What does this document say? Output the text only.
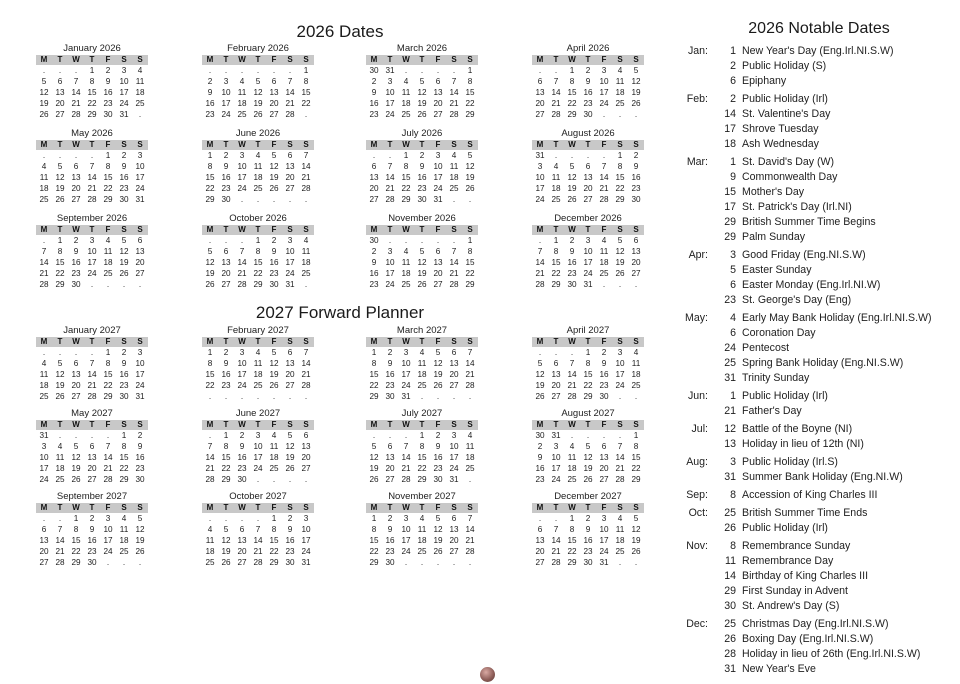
2026 Dates
January 2026
M	T	W	T	F	S	S
.	.	.	1	2	3	4
5	6	7	8	9	10	11
12	13	14	15	16	17	18
19	20	21	22	23	24	25
26	27	28	29	30	31	.
February 2026
M	T	W	T	F	S	S
.	.	.	.	.	.	1
2	3	4	5	6	7	8
9	10	11	12	13	14	15
16	17	18	19	20	21	22
23	24	25	26	27	28	.
March 2026
M	T	W	T	F	S	S
30	31	.	.	.	.	1
2	3	4	5	6	7	8
9	10	11	12	13	14	15
16	17	18	19	20	21	22
23	24	25	26	27	28	29
April 2026
M	T	W	T	F	S	S
.	.	1	2	3	4	5
6	7	8	9	10	11	12
13	14	15	16	17	18	19
20	21	22	23	24	25	26
27	28	29	30	.	.	.
May 2026
M	T	W	T	F	S	S
.	.	.	.	1	2	3
4	5	6	7	8	9	10
11	12	13	14	15	16	17
18	19	20	21	22	23	24
25	26	27	28	29	30	31
June 2026
M	T	W	T	F	S	S
1	2	3	4	5	6	7
8	9	10	11	12	13	14
15	16	17	18	19	20	21
22	23	24	25	26	27	28
29	30	.	.	.	.	.
July 2026
M	T	W	T	F	S	S
.	.	1	2	3	4	5
6	7	8	9	10	11	12
13	14	15	16	17	18	19
20	21	22	23	24	25	26
27	28	29	30	31	.	.
August 2026
M	T	W	T	F	S	S
31	.	.	.	.	1	2
3	4	5	6	7	8	9
10	11	12	13	14	15	16
17	18	19	20	21	22	23
24	25	26	27	28	29	30
September 2026
M	T	W	T	F	S	S
.	1	2	3	4	5	6
7	8	9	10	11	12	13
14	15	16	17	18	19	20
21	22	23	24	25	26	27
28	29	30	.	.	.	.
October 2026
M	T	W	T	F	S	S
.	.	.	1	2	3	4
5	6	7	8	9	10	11
12	13	14	15	16	17	18
19	20	21	22	23	24	25
26	27	28	29	30	31	.
November 2026
M	T	W	T	F	S	S
30	.	.	.	.	.	1
2	3	4	5	6	7	8
9	10	11	12	13	14	15
16	17	18	19	20	21	22
23	24	25	26	27	28	29
December 2026
M	T	W	T	F	S	S
.	1	2	3	4	5	6
7	8	9	10	11	12	13
14	15	16	17	18	19	20
21	22	23	24	25	26	27
28	29	30	31	.	.	.
2027 Forward Planner
January 2027
M	T	W	T	F	S	S
.	.	.	.	1	2	3
4	5	6	7	8	9	10
11	12	13	14	15	16	17
18	19	20	21	22	23	24
25	26	27	28	29	30	31
February 2027
M	T	W	T	F	S	S
1	2	3	4	5	6	7
8	9	10	11	12	13	14
15	16	17	18	19	20	21
22	23	24	25	26	27	28
.	.	.	.	.	.	.
March 2027
M	T	W	T	F	S	S
1	2	3	4	5	6	7
8	9	10	11	12	13	14
15	16	17	18	19	20	21
22	23	24	25	26	27	28
29	30	31	.	.	.	.
April 2027
M	T	W	T	F	S	S
.	.	.	1	2	3	4
5	6	7	8	9	10	11
12	13	14	15	16	17	18
19	20	21	22	23	24	25
26	27	28	29	30	.	.
May 2027
M	T	W	T	F	S	S
31	.	.	.	.	1	2
3	4	5	6	7	8	9
10	11	12	13	14	15	16
17	18	19	20	21	22	23
24	25	26	27	28	29	30
June 2027
M	T	W	T	F	S	S
.	1	2	3	4	5	6
7	8	9	10	11	12	13
14	15	16	17	18	19	20
21	22	23	24	25	26	27
28	29	30	.	.	.	.
July 2027
M	T	W	T	F	S	S
.	.	.	1	2	3	4
5	6	7	8	9	10	11
12	13	14	15	16	17	18
19	20	21	22	23	24	25
26	27	28	29	30	31	.
August 2027
M	T	W	T	F	S	S
30	31	.	.	.	.	1
2	3	4	5	6	7	8
9	10	11	12	13	14	15
16	17	18	19	20	21	22
23	24	25	26	27	28	29
September 2027
M	T	W	T	F	S	S
.	.	1	2	3	4	5
6	7	8	9	10	11	12
13	14	15	16	17	18	19
20	21	22	23	24	25	26
27	28	29	30	.	.	.
October 2027
M	T	W	T	F	S	S
.	.	.	.	1	2	3
4	5	6	7	8	9	10
11	12	13	14	15	16	17
18	19	20	21	22	23	24
25	26	27	28	29	30	31
November 2027
M	T	W	T	F	S	S
1	2	3	4	5	6	7
8	9	10	11	12	13	14
15	16	17	18	19	20	21
22	23	24	25	26	27	28
29	30	.	.	.	.	.
December 2027
M	T	W	T	F	S	S
.	.	1	2	3	4	5
6	7	8	9	10	11	12
13	14	15	16	17	18	19
20	21	22	23	24	25	26
27	28	29	30	31	.	.
2026 Notable Dates
Jan:	1 New Year's Day (Eng.Irl.NI.S.W)
2 Public Holiday (S)
6 Epiphany
Feb:	2 Public Holiday (Irl)
14 St. Valentine's Day
17 Shrove Tuesday
18 Ash Wednesday
Mar:	1 St. David's Day (W)
9 Commonwealth Day
15 Mother's Day
17 St. Patrick's Day (Irl.NI)
29 British Summer Time Begins
29 Palm Sunday
Apr:	3 Good Friday (Eng.NI.S.W)
5 Easter Sunday
6 Easter Monday (Eng.Irl.NI.W)
23 St. George's Day (Eng)
May:	4 Early May Bank Holiday (Eng.Irl.NI.S.W)
6 Coronation Day
24 Pentecost
25 Spring Bank Holiday (Eng.NI.S.W)
31 Trinity Sunday
Jun:	1 Public Holiday (Irl)
21 Father's Day
Jul:	12 Battle of the Boyne (NI)
13 Holiday in lieu of 12th (NI)
Aug:	3 Public Holiday (Irl.S)
31 Summer Bank Holiday (Eng.NI.W)
Sep:	8 Accession of King Charles III
Oct:	25 British Summer Time Ends
26 Public Holiday (Irl)
Nov:	8 Remembrance Sunday
11 Remembrance Day
14 Birthday of King Charles III
29 First Sunday in Advent
30 St. Andrew's Day (S)
Dec:	25 Christmas Day (Eng.Irl.NI.S.W)
26 Boxing Day (Eng.Irl.NI.S.W)
28 Holiday in lieu of 26th (Eng.Irl.NI.S.W)
31 New Year's Eve
